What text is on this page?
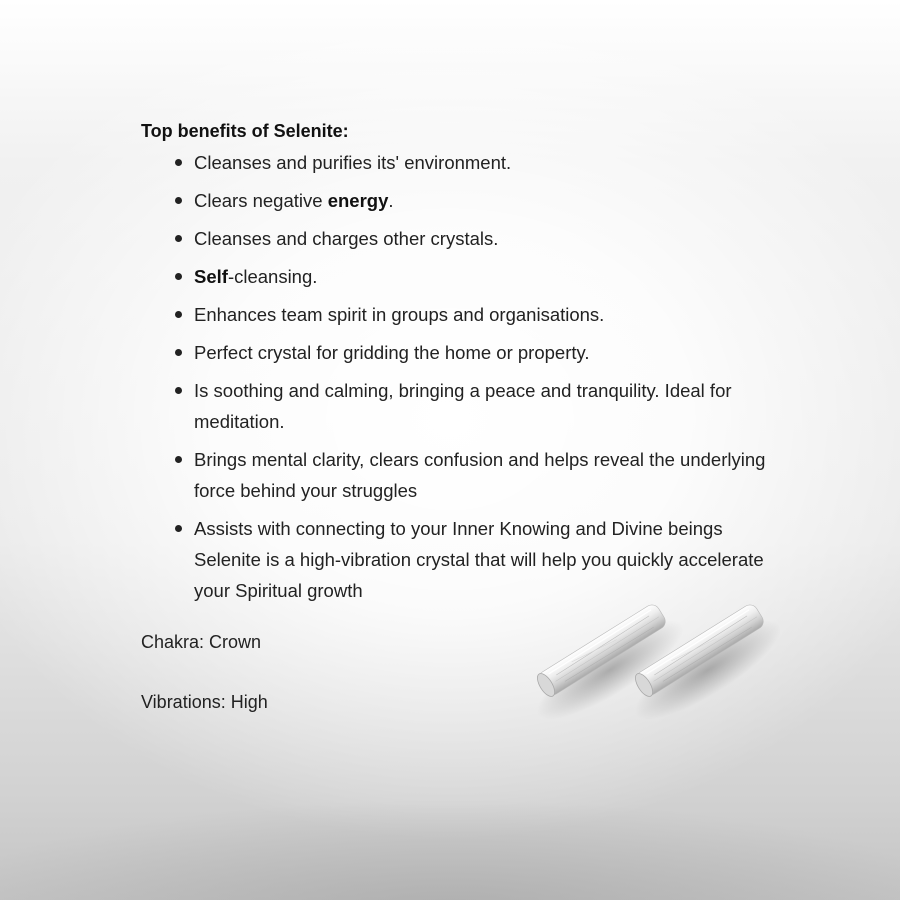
Top benefits of Selenite:

Cleanses and purifies its' environment.
Clears negative energy.
Cleanses and charges other crystals.
Self-cleansing.
Enhances team spirit in groups and organisations.
Perfect crystal for gridding the home or property.
Is soothing and calming, bringing a peace and tranquility. Ideal for meditation.
Brings mental clarity, clears confusion and helps reveal the underlying force behind your struggles
Assists with connecting to your Inner Knowing and Divine beings Selenite is a high-vibration crystal that will help you quickly accelerate your Spiritual growth

Chakra: Crown

Vibrations: High
